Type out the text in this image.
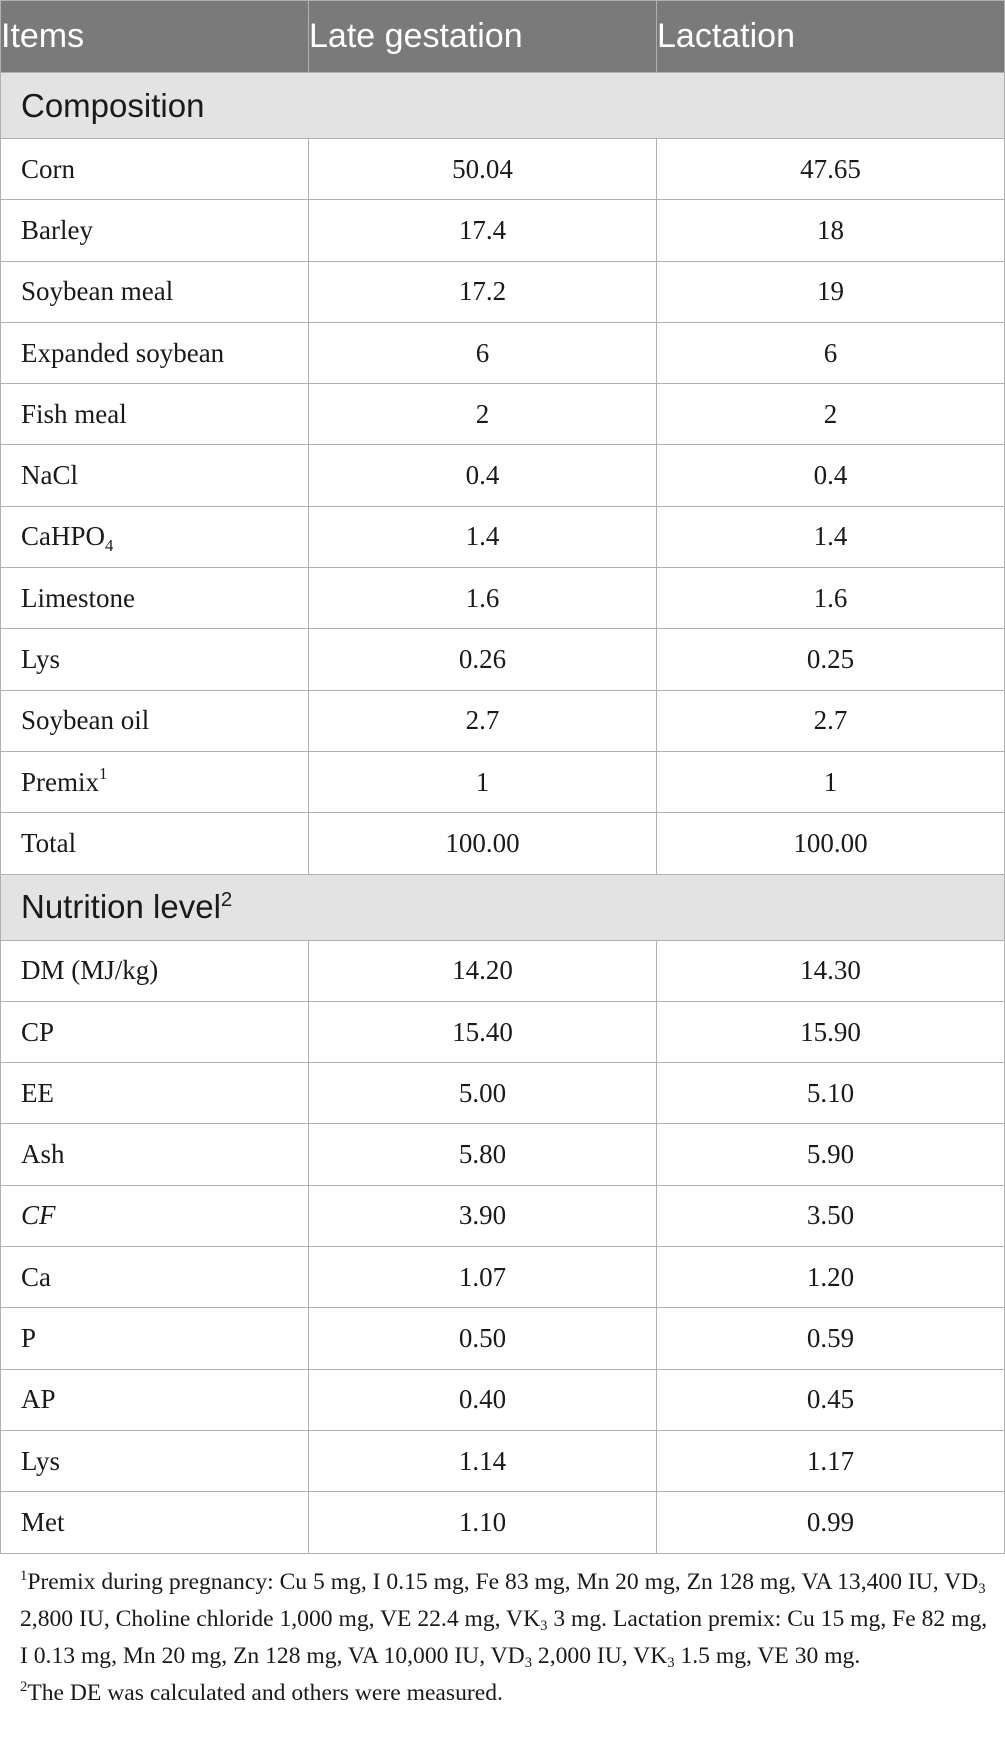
Items	Late gestation	Lactation
Composition		
Corn	50.04	47.65
Barley	17.4	18
Soybean meal	17.2	19
Expanded soybean	6	6
Fish meal	2	2
NaCl	0.4	0.4
CaHPO$_4$	1.4	1.4
Limestone	1.6	1.6
Lys	0.26	0.25
Soybean oil	2.7	2.7
Premix$^1$	1	1
Total	100.00	100.00
Nutrition level$^2$
DM (MJ/kg)	14.20	14.30
CP	15.40	15.90
EE	5.00	5.10
Ash	5.80	5.90
CF	3.90	3.50
Ca	1.07	1.20
P	0.50	0.59
AP	0.40	0.45
Lys	1.14	1.17
Met	1.10	0.99

$^1$Premix during pregnancy: Cu 5 mg, I 0.15 mg, Fe 83 mg, Mn 20 mg, Zn 128 mg, VA 13,400 IU, VD3 2,800 IU, Choline chloride 1,000 mg, VE 22.4 mg, VK3 3 mg. Lactation premix: Cu 15 mg, Fe 82 mg, I 0.13 mg, Mn 20 mg, Zn 128 mg, VA 10,000 IU, VD3 2,000 IU, VK3 1.5 mg, VE 30 mg.

$^2$The DE was calculated and others were measured.
